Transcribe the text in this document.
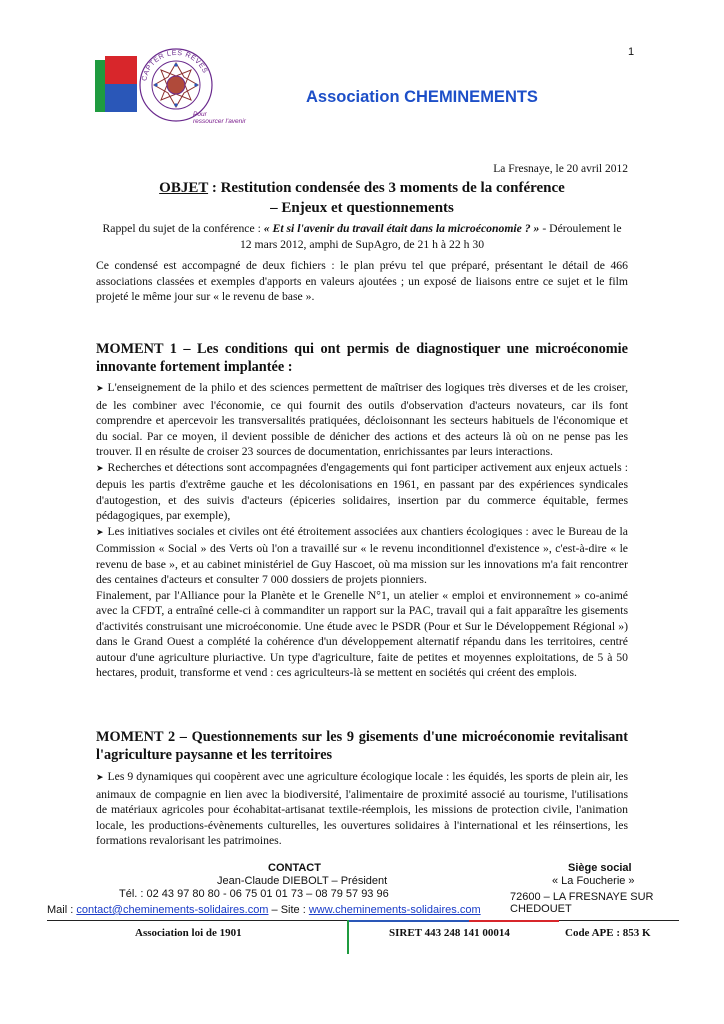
1
CAPTER LES RÊVES
Pour
ressourcer l'avenir
Association CHEMINEMENTS
La Fresnaye, le 20 avril 2012
OBJET : Restitution condensée des 3 moments de la conférence
– Enjeux et questionnements
Rappel du sujet de la conférence : « Et si l'avenir du travail était dans la microéconomie ? » - Déroulement le 12 mars 2012, amphi de SupAgro, de 21 h à 22 h 30
Ce condensé est accompagné de deux fichiers : le plan prévu tel que préparé, présentant le détail de 466 associations classées et exemples d'apports en valeurs ajoutées ; un exposé de liaisons entre ce sujet et le film projeté le même jour sur « le revenu de base ».
MOMENT 1 – Les conditions qui ont permis de diagnostiquer une microéconomie innovante fortement implantée :

➤ L'enseignement de la philo et des sciences permettent de maîtriser des logiques très diverses et de les croiser, de les combiner avec l'économie, ce qui fournit des outils d'observation d'acteurs novateurs, car ils font comprendre et apercevoir les transversalités pratiquées, décloisonnant les secteurs habituels de l'économique et du social. Par ce moyen, il devient possible de dénicher des actions et des acteurs là où on ne pense pas les trouver. Il en résulte de croiser 23 sources de documentation, enrichissantes par leurs interactions.

➤ Recherches et détections sont accompagnées d'engagements qui font participer activement aux enjeux actuels : depuis les partis d'extrême gauche et les décolonisations en 1961, en passant par des expériences syndicales d'autogestion, et des suivis d'acteurs (épiceries solidaires, insertion par du commerce équitable, fermes pédagogiques, par exemple),

➤ Les initiatives sociales et civiles ont été étroitement associées aux chantiers écologiques : avec le Bureau de la Commission « Social » des Verts où l'on a travaillé sur « le revenu inconditionnel d'existence », c'est-à-dire « le revenu de base », et au cabinet ministériel de Guy Hascoet, où ma mission sur les innovations m'a fait rencontrer des centaines d'acteurs et consulter 7 000 dossiers de projets pionniers.

Finalement, par l'Alliance pour la Planète et le Grenelle N°1, un atelier « emploi et environnement » co-animé avec la CFDT, a entraîné celle-ci à commanditer un rapport sur la PAC, travail qui a fait apparaître les gisements d'activités construisant une microéconomie. Une étude avec le PSDR (Pour et Sur le Développement Régional ») dans le Grand Ouest a complété la cohérence d'un développement alternatif répandu dans les territoires, centré autour d'une agriculture pluriactive. Un type d'agriculture, faite de petites et moyennes exploitations, de 5 à 50 hectares, produit, transforme et vend : ces agriculteurs-là se mettent en sociétés qui créent des emplois.

MOMENT 2 – Questionnements sur les 9 gisements d'une microéconomie revitalisant l'agriculture paysanne et les territoires

➤ Les 9 dynamiques qui coopèrent avec une agriculture écologique locale : les équidés, les sports de plein air, les animaux de compagnie en lien avec la biodiversité, l'alimentaire de proximité associé au tourisme, l'utilisations de matériaux agricoles pour écohabitat-artisanat textile-réemplois, les missions de protection civile, l'animation locale, les productions-évènements culturelles, les ouvertures solidaires à l'international et les réinsertions, les formations revalorisant les patrimoines.

CONTACT
Jean-Claude DIEBOLT – Président
Tél. : 02 43 97 80 80 - 06 75 01 01 73 – 08 79 57 93 96
Mail : contact@cheminements-solidaires.com – Site : www.cheminements-solidaires.com
Siège social
« La Foucherie »
72600 – LA FRESNAYE SUR CHEDOUET
Association loi de 1901	SIRET 443 248 141 00014	Code APE : 853 K
